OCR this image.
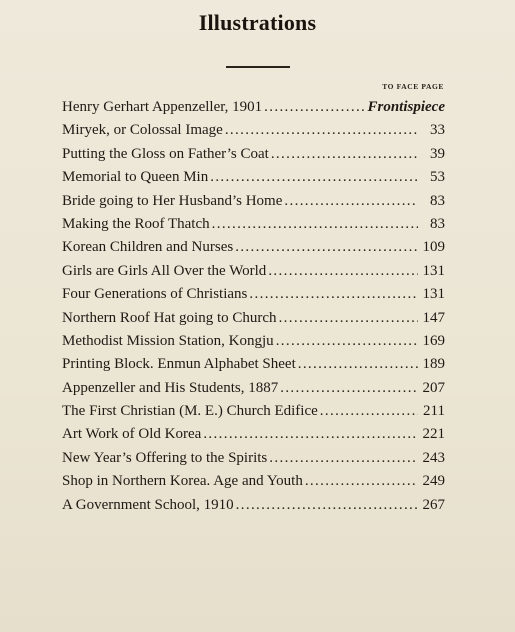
Illustrations
TO FACE PAGE
Henry Gerhart Appenzeller, 1901 . . .	Frontispiece
Miryek, or Colossal Image . . .	33
Putting the Gloss on Father’s Coat . . .	39
Memorial to Queen Min . . .	53
Bride going to Her Husband’s Home . . .	83
Making the Roof Thatch . . .	83
Korean Children and Nurses . . .	109
Girls are Girls All Over the World . . .	131
Four Generations of Christians . . .	131
Northern Roof Hat going to Church . . .	147
Methodist Mission Station, Kongju . . .	169
Printing Block. Enmun Alphabet Sheet . . .	189
Appenzeller and His Students, 1887 . . .	207
The First Christian (M. E.) Church Edifice . . .	211
Art Work of Old Korea . . .	221
New Year’s Offering to the Spirits . . .	243
Shop in Northern Korea. Age and Youth . . .	249
A Government School, 1910 . . .	267
